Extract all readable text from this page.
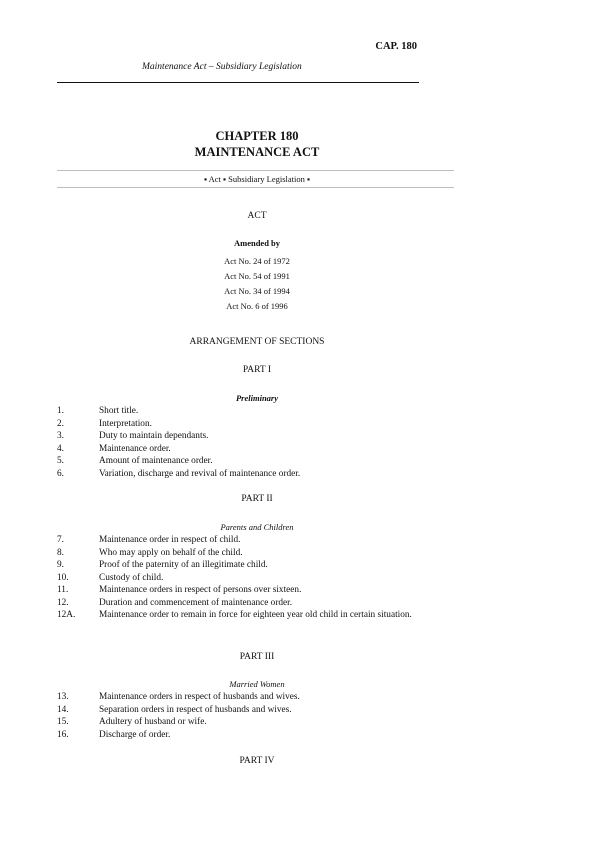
CAP. 180
Maintenance Act – Subsidiary Legislation
CHAPTER 180
MAINTENANCE ACT
▪ Act ▪ Subsidiary Legislation ▪
ACT
Amended by
Act No. 24 of 1972
Act No. 54 of 1991
Act No. 34 of 1994
Act No. 6 of 1996
ARRANGEMENT OF SECTIONS
PART I
Preliminary
1.	Short title.
2.	Interpretation.
3.	Duty to maintain dependants.
4.	Maintenance order.
5.	Amount of maintenance order.
6.	Variation, discharge and revival of maintenance order.
PART II
Parents and Children
7.	Maintenance order in respect of child.
8.	Who may apply on behalf of the child.
9.	Proof of the paternity of an illegitimate child.
10.	Custody of child.
11.	Maintenance orders in respect of persons over sixteen.
12.	Duration and commencement of maintenance order.
12A.	Maintenance order to remain in force for eighteen year old child in certain situation.
PART III
Married Women
13.	Maintenance orders in respect of husbands and wives.
14.	Separation orders in respect of husbands and wives.
15.	Adultery of husband or wife.
16.	Discharge of order.
PART IV
